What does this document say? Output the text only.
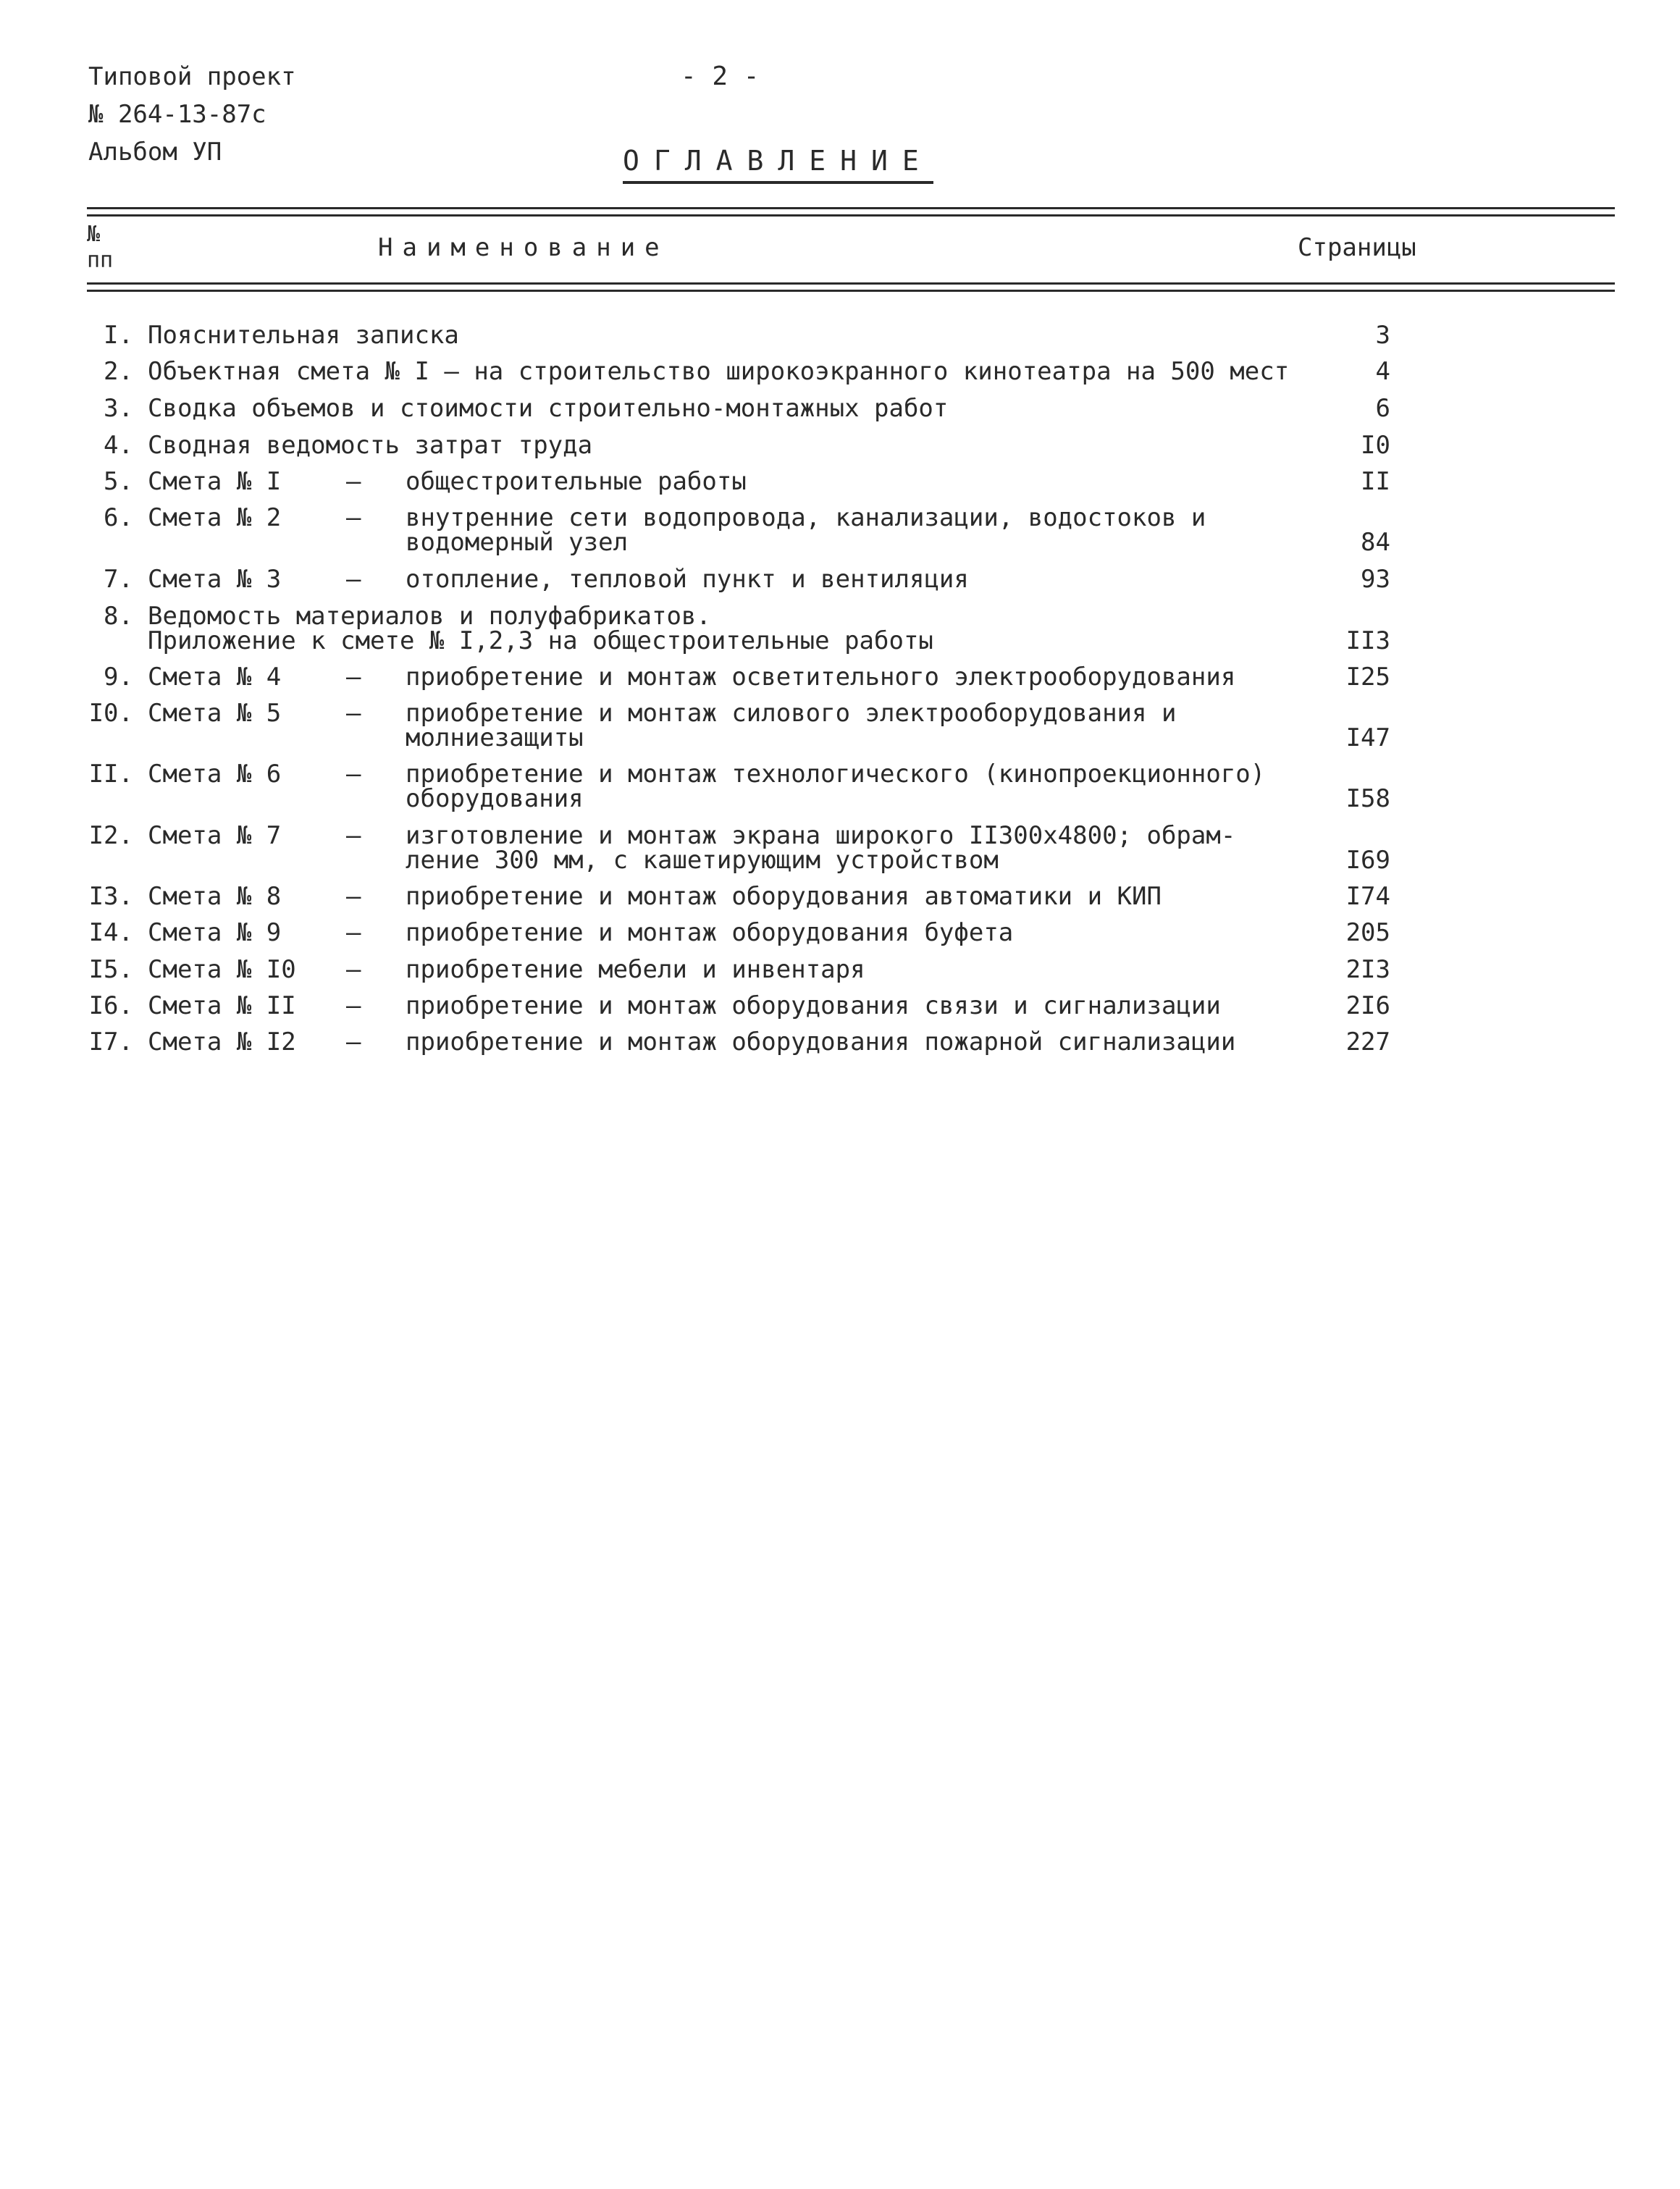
Типовой проект
№ 264-13-87с
Альбом УП
- 2 -
ОГЛАВЛЕНИЕ
№
пп	Наименование	Страницы
I. Пояснительная записка	3
2. Объектная смета № I – на строительство широкоэкранного кинотеатра на 500 мест	4
3. Сводка объемов и стоимости строительно-монтажных работ	6
4. Сводная ведомость затрат труда	I0
5. Смета № I	– общестроительные работы	II
6. Смета № 2	– внутренние сети водопровода, канализации, водостоков и
водомерный узел	84
7. Смета № 3	– отопление, тепловой пункт и вентиляция	93
8. Ведомость материалов и полуфабрикатов.
Приложение к смете № I,2,3 на общестроительные работы	II3
9. Смета № 4	– приобретение и монтаж осветительного электрооборудования	I25
I0. Смета № 5	– приобретение и монтаж силового электрооборудования и
молниезащиты	I47
II. Смета № 6	– приобретение и монтаж технологического (кинопроекционного)
оборудования	I58
I2. Смета № 7	– изготовление и монтаж экрана широкого II300х4800; обрам-
ление 300 мм, с кашетирующим устройством	I69
I3. Смета № 8	– приобретение и монтаж оборудования автоматики и КИП	I74
I4. Смета № 9	– приобретение и монтаж оборудования буфета	205
I5. Смета № I0 – приобретение мебели и инвентаря	2I3
I6. Смета № II – приобретение и монтаж оборудования связи и сигнализации	2I6
I7. Смета № I2 – приобретение и монтаж оборудования пожарной сигнализации	227
